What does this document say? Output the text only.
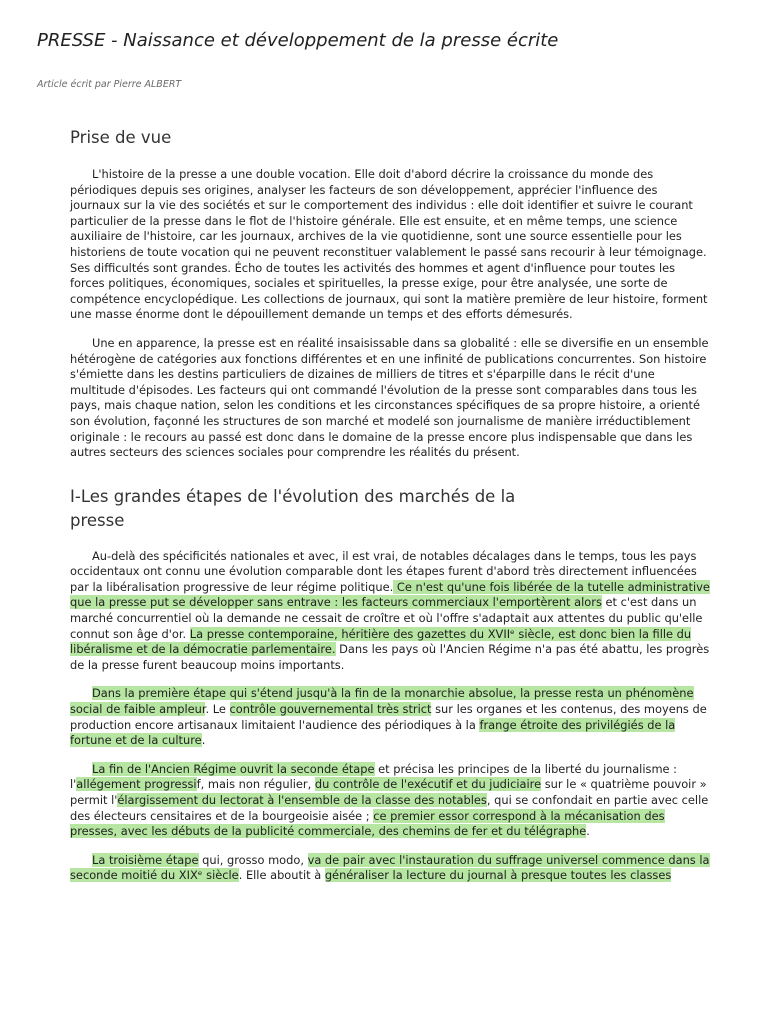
PRESSE - Naissance et développement de la presse écrite
Article écrit par Pierre ALBERT
Prise de vue

L'histoire de la presse a une double vocation. Elle doit d'abord décrire la croissance du monde des périodiques depuis ses origines, analyser les facteurs de son développement, apprécier l'influence des journaux sur la vie des sociétés et sur le comportement des individus : elle doit identifier et suivre le courant particulier de la presse dans le flot de l'histoire générale. Elle est ensuite, et en même temps, une science auxiliaire de l'histoire, car les journaux, archives de la vie quotidienne, sont une source essentielle pour les historiens de toute vocation qui ne peuvent reconstituer valablement le passé sans recourir à leur témoignage. Ses difficultés sont grandes. Écho de toutes les activités des hommes et agent d'influence pour toutes les forces politiques, économiques, sociales et spirituelles, la presse exige, pour être analysée, une sorte de compétence encyclopédique. Les collections de journaux, qui sont la matière première de leur histoire, forment une masse énorme dont le dépouillement demande un temps et des efforts démesurés.

Une en apparence, la presse est en réalité insaisissable dans sa globalité : elle se diversifie en un ensemble hétérogène de catégories aux fonctions différentes et en une infinité de publications concurrentes. Son histoire s'émiette dans les destins particuliers de dizaines de milliers de titres et s'éparpille dans le récit d'une multitude d'épisodes. Les facteurs qui ont commandé l'évolution de la presse sont comparables dans tous les pays, mais chaque nation, selon les conditions et les circonstances spécifiques de sa propre histoire, a orienté son évolution, façonné les structures de son marché et modelé son journalisme de manière irréductiblement originale : le recours au passé est donc dans le domaine de la presse encore plus indispensable que dans les autres secteurs des sciences sociales pour comprendre les réalités du présent.

I-Les grandes étapes de l'évolution des marchés de la presse

Au-delà des spécificités nationales et avec, il est vrai, de notables décalages dans le temps, tous les pays occidentaux ont connu une évolution comparable dont les étapes furent d'abord très directement influencées par la libéralisation progressive de leur régime politique. Ce n'est qu'une fois libérée de la tutelle administrative que la presse put se développer sans entrave : les facteurs commerciaux l'emportèrent alors et c'est dans un marché concurrentiel où la demande ne cessait de croître et où l'offre s'adaptait aux attentes du public qu'elle connut son âge d'or. La presse contemporaine, héritière des gazettes du XVIIᵉ siècle, est donc bien la fille du libéralisme et de la démocratie parlementaire. Dans les pays où l'Ancien Régime n'a pas été abattu, les progrès de la presse furent beaucoup moins importants.

Dans la première étape qui s'étend jusqu'à la fin de la monarchie absolue, la presse resta un phénomène social de faible ampleur. Le contrôle gouvernemental très strict sur les organes et les contenus, des moyens de production encore artisanaux limitaient l'audience des périodiques à la frange étroite des privilégiés de la fortune et de la culture.

La fin de l'Ancien Régime ouvrit la seconde étape et précisa les principes de la liberté du journalisme : l'allégement progressif, mais non régulier, du contrôle de l'exécutif et du judiciaire sur le « quatrième pouvoir » permit l'élargissement du lectorat à l'ensemble de la classe des notables, qui se confondait en partie avec celle des électeurs censitaires et de la bourgeoisie aisée ; ce premier essor correspond à la mécanisation des presses, avec les débuts de la publicité commerciale, des chemins de fer et du télégraphe.

La troisième étape qui, grosso modo, va de pair avec l'instauration du suffrage universel commence dans la seconde moitié du XIXᵉ siècle. Elle aboutit à généraliser la lecture du journal à presque toutes les classes
